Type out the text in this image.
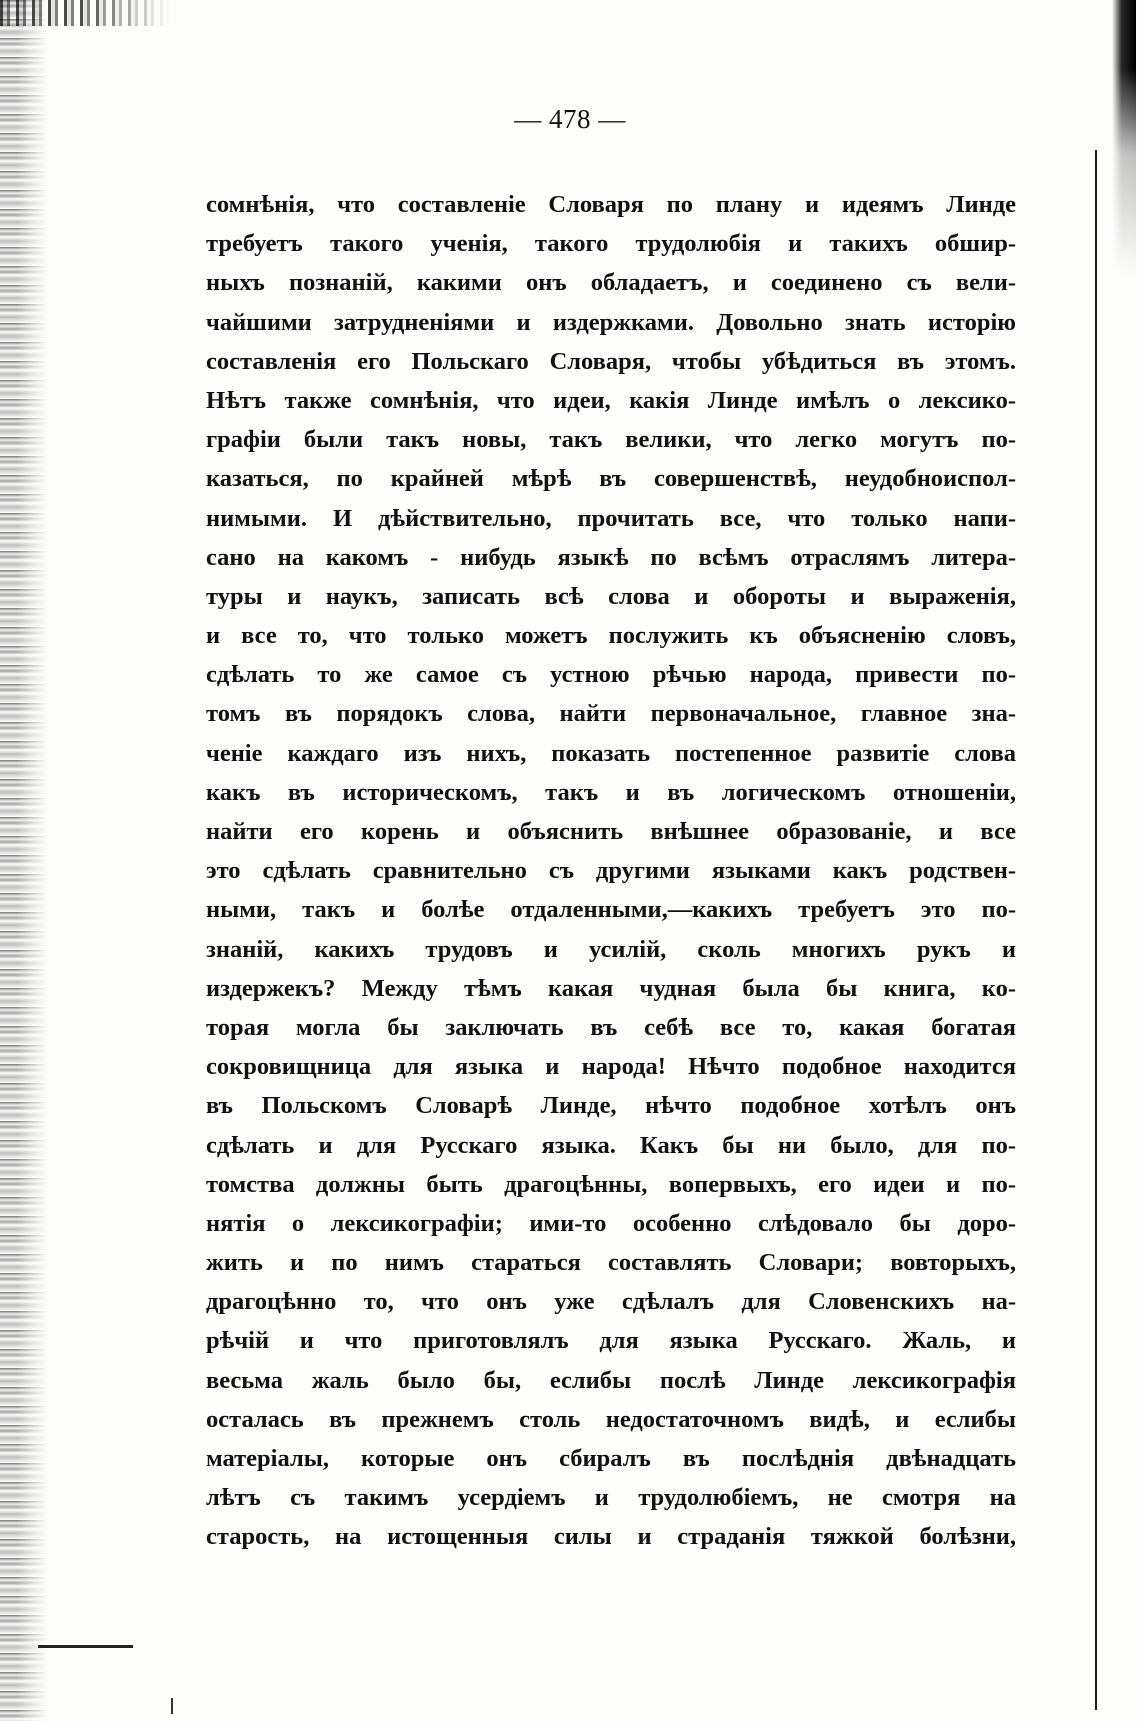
— 478 —
сомнѣнія, что составленіе Словаря по плану и идеямъ Линде
требуетъ такого ученія, такого трудолюбія и такихъ обшир-
ныхъ познаній, какими онъ обладаетъ, и соединено съ вели-
чайшими затрудненіями и издержками. Довольно знать исторію
составленія его Польскаго Словаря, чтобы убѣдиться въ этомъ.
Нѣтъ также сомнѣнія, что идеи, какія Линде имѣлъ о лексико-
графіи были такъ новы, такъ велики, что легко могутъ по-
казаться, по крайней мѣрѣ въ совершенствѣ, неудобноиспол-
нимыми. И дѣйствительно, прочитать все, что только напи-
сано на какомъ - нибудь языкѣ по всѣмъ отраслямъ литера-
туры и наукъ, записать всѣ слова и обороты и выраженія,
и все то, что только можетъ послужить къ объясненію словъ,
сдѣлать то же самое съ устною рѣчью народа, привести по-
томъ въ порядокъ слова, найти первоначальное, главное зна-
ченіе каждаго изъ нихъ, показать постепенное развитіе слова
какъ въ историческомъ, такъ и въ логическомъ отношеніи,
найти его корень и объяснить внѣшнее образованіе, и все
это сдѣлать сравнительно съ другими языками какъ родствен-
ными, такъ и болѣе отдаленными,—какихъ требуетъ это по-
знаній, какихъ трудовъ и усилій, сколь многихъ рукъ и
издержекъ? Между тѣмъ какая чудная была бы книга, ко-
торая могла бы заключать въ себѣ все то, какая богатая
сокровищница для языка и народа! Нѣчто подобное находится
въ Польскомъ Словарѣ Линде, нѣчто подобное хотѣлъ онъ
сдѣлать и для Русскаго языка. Какъ бы ни было, для по-
томства должны быть драгоцѣнны, вопервыхъ, его идеи и по-
нятія о лексикографіи; ими-то особенно слѣдовало бы доро-
жить и по нимъ стараться составлять Словари; вовторыхъ,
драгоцѣнно то, что онъ уже сдѣлалъ для Словенскихъ на-
рѣчій и что приготовлялъ для языка Русскаго. Жаль, и
весьма жаль было бы, еслибы послѣ Линде лексикографія
осталась въ прежнемъ столь недостаточномъ видѣ, и еслибы
матеріалы, которые онъ сбиралъ въ послѣднія двѣнадцать
лѣтъ съ такимъ усердіемъ и трудолюбіемъ, не смотря на
старость, на истощенныя силы и страданія тяжкой болѣзни,
